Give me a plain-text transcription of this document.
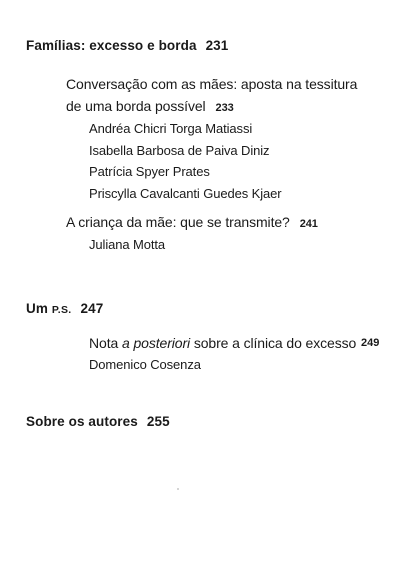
Famílias: excesso e borda 231
Conversação com as mães: aposta na tessitura
de uma borda possível 233
Andréa Chicri Torga Matiassi
Isabella Barbosa de Paiva Diniz
Patrícia Spyer Prates
Priscylla Cavalcanti Guedes Kjaer
A criança da mãe: que se transmite? 241
Juliana Motta
Um P.S. 247
Nota a posteriori sobre a clínica do excesso 249
Domenico Cosenza
Sobre os autores 255
